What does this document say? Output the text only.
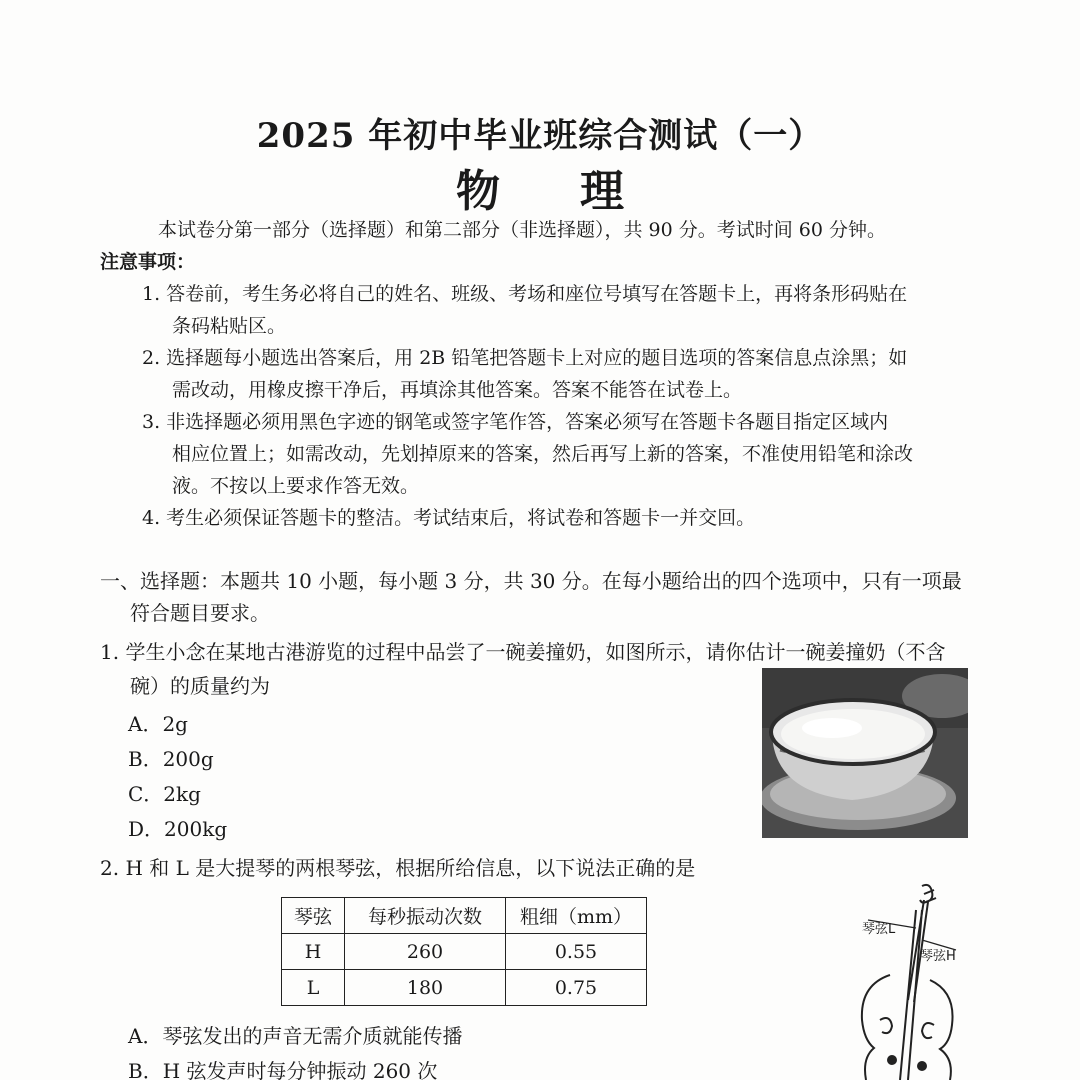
2025 年初中毕业班综合测试（一）
物理
本试卷分第一部分（选择题）和第二部分（非选择题），共 90 分。考试时间 60 分钟。
注意事项：
1. 答卷前，考生务必将自己的姓名、班级、考场和座位号填写在答题卡上，再将条形码贴在
条码粘贴区。
2. 选择题每小题选出答案后，用 2B 铅笔把答题卡上对应的题目选项的答案信息点涂黑；如
需改动，用橡皮擦干净后，再填涂其他答案。答案不能答在试卷上。
3. 非选择题必须用黑色字迹的钢笔或签字笔作答，答案必须写在答题卡各题目指定区域内
相应位置上；如需改动，先划掉原来的答案，然后再写上新的答案，不准使用铅笔和涂改
液。不按以上要求作答无效。
4. 考生必须保证答题卡的整洁。考试结束后，将试卷和答题卡一并交回。
一、选择题：本题共 10 小题，每小题 3 分，共 30 分。在每小题给出的四个选项中，只有一项最
符合题目要求。
1. 学生小念在某地古港游览的过程中品尝了一碗姜撞奶，如图所示，请你估计一碗姜撞奶（不含
碗）的质量约为
A．2g
B．200g
C．2kg
D．200kg
2. H 和 L 是大提琴的两根琴弦，根据所给信息，以下说法正确的是
琴弦	每秒振动次数	粗细（mm）
H	260	0.55
L	180	0.75
琴弦L
琴弦H
A．琴弦发出的声音无需介质就能传播
B．H 弦发声时每分钟振动 260 次
